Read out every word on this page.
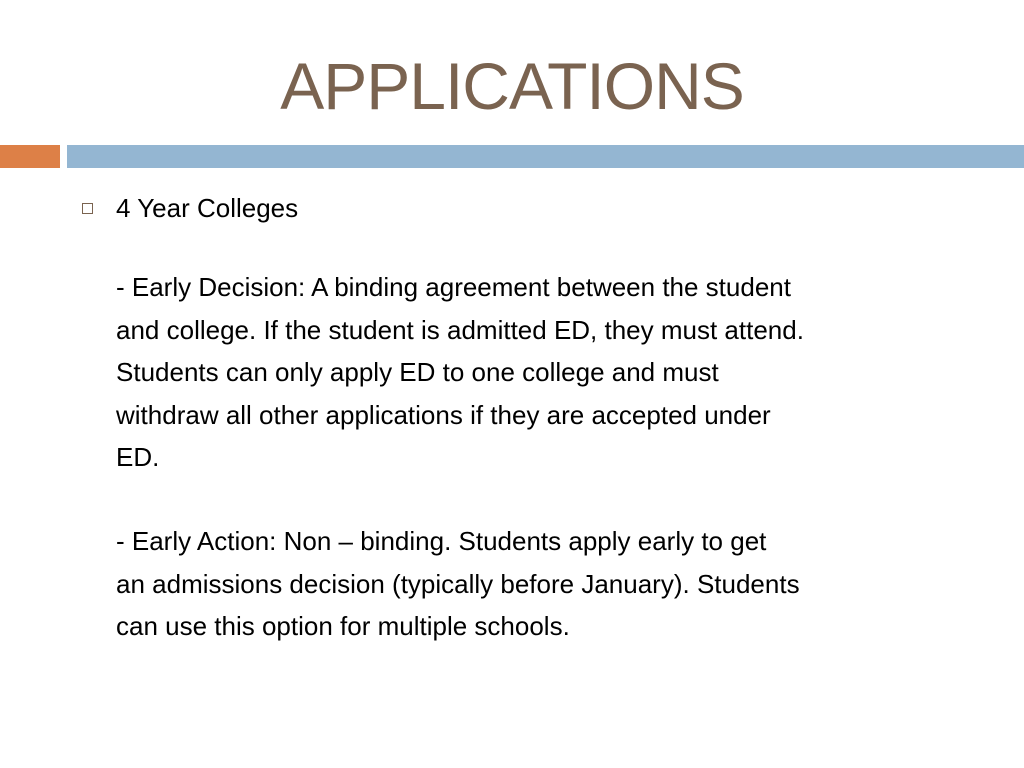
APPLICATIONS

4 Year Colleges

- Early Decision: A binding agreement between the student
and college. If the student is admitted ED, they must attend.
Students can only apply ED to one college and must
withdraw all other applications if they are accepted under
ED.

- Early Action: Non – binding. Students apply early to get
an admissions decision (typically before January). Students
can use this option for multiple schools.
